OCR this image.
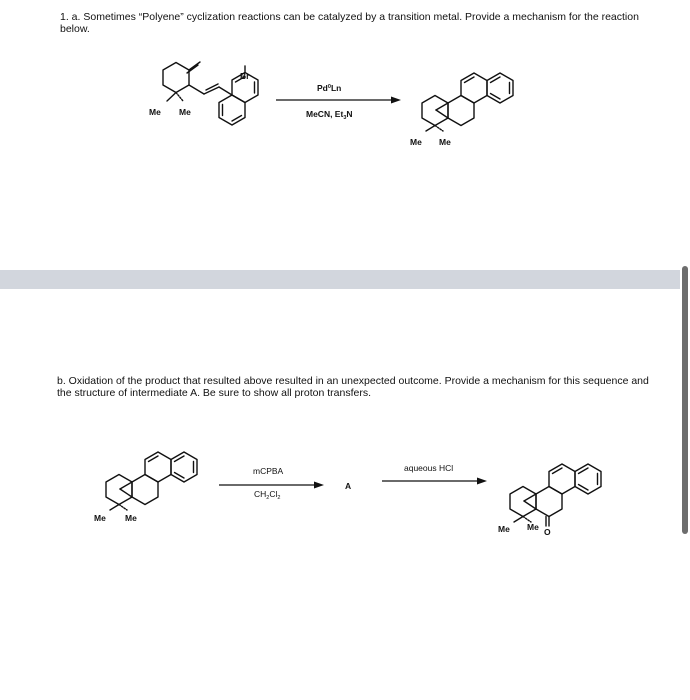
1. a. Sometimes “Polyene” cyclization reactions can be catalyzed by a transition metal. Provide a mechanism for the reaction below.
b. Oxidation of the product that resulted above resulted in an unexpected outcome. Provide a mechanism for this sequence and the structure of intermediate A. Be sure to show all proton transfers.
Br
Me Me
Pd$^0$Ln
MeCN, $Et_3N$
Me Me
Me Me
mCPBA
$CH_2Cl_2$
A
aqueous HCl
Me Me O
